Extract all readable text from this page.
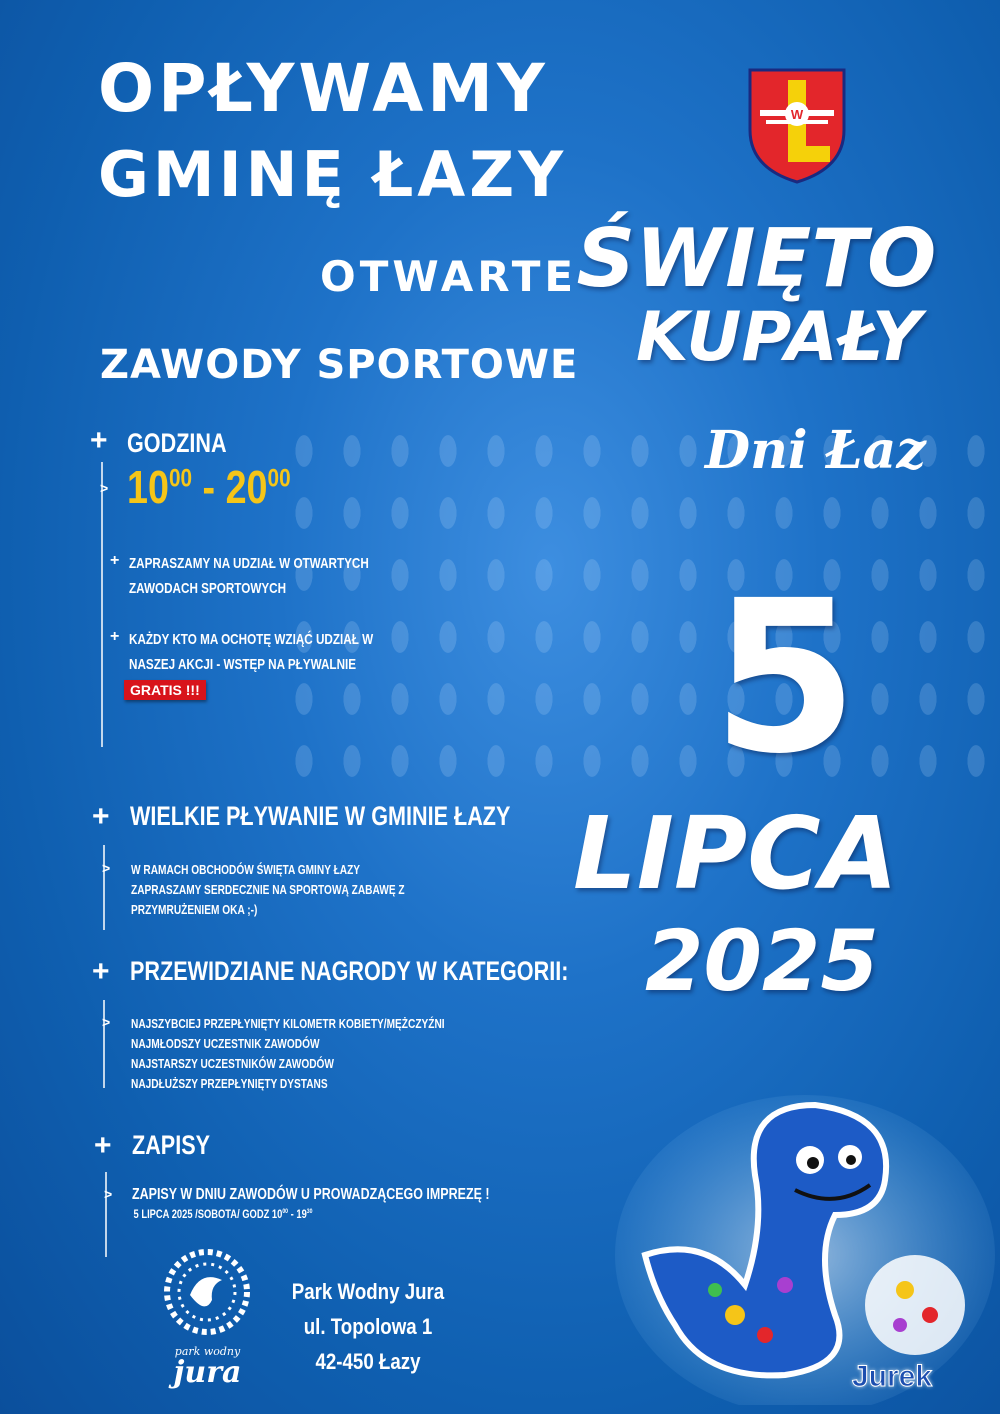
OPŁYWAMY
GMINĘ ŁAZY
OTWARTE
ZAWODY SPORTOWE
+ GODZINA
> $10^{00} - 20^{00}$
+ ZAPRASZAMY NA UDZIAŁ W OTWARTYCH
ZAWODACH SPORTOWYCH
+ KAŻDY KTO MA OCHOTĘ WZIĄĆ UDZIAŁ W
NASZEJ AKCJI - WSTĘP NA PŁYWALNIE
GRATIS !!!
+ WIELKIE PŁYWANIE W GMINIE ŁAZY
> W RAMACH OBCHODÓW ŚWIĘTA GMINY ŁAZY
ZAPRASZAMY SERDECZNIE NA SPORTOWĄ ZABAWĘ Z
PRZYMRUŻENIEM OKA ;-)
+ PRZEWIDZIANE NAGRODY W KATEGORII:
> NAJSZYBCIEJ PRZEPŁYNIĘTY KILOMETR KOBIETY/MĘŻCZYŹNI
NAJMŁODSZY UCZESTNIK ZAWODÓW
NAJSTARSZY UCZESTNIKÓW ZAWODÓW
NAJDŁUŻSZY PRZEPŁYNIĘTY DYSTANS
+ ZAPISY
> ZAPISY W DNIU ZAWODÓW U PROWADZĄCEGO IMPREZĘ !
5 LIPCA 2025 /SOBOTA/ GODZ $10^{00} - 19^{30}$
park wodny
jura
Park Wodny Jura
ul. Topolowa 1
42-450 Łazy
W
ŚWIĘTO
KUPAŁY
Dni Łaz
5
LIPCA
2025
Jurek
